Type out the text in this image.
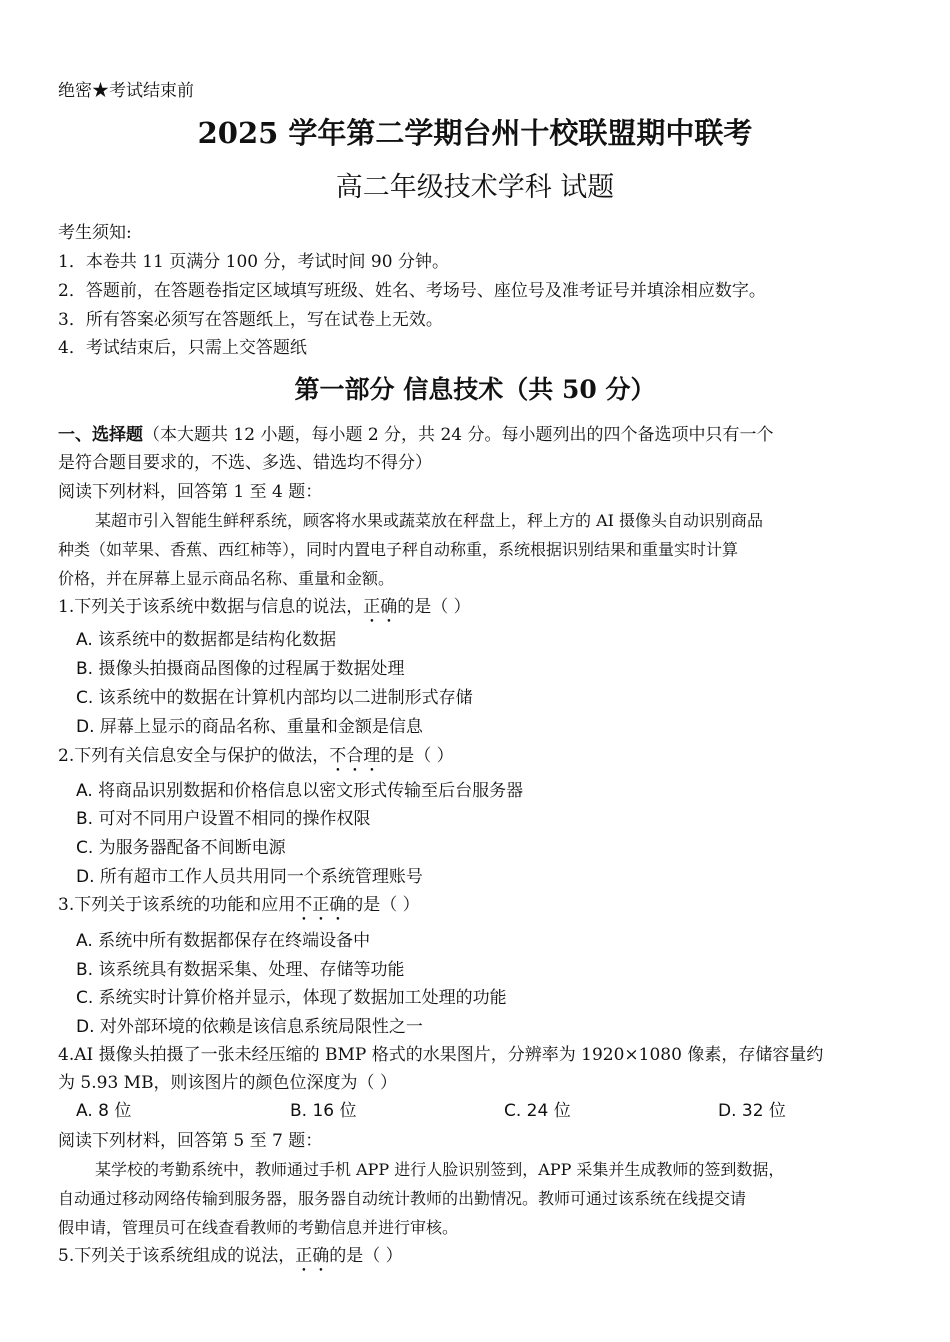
绝密★考试结束前
2025 学年第二学期台州十校联盟期中联考
高二年级技术学科 试题
考生须知:
1．本卷共 11 页满分 100 分，考试时间 90 分钟。
2．答题前，在答题卷指定区域填写班级、姓名、考场号、座位号及准考证号并填涂相应数字。
3．所有答案必须写在答题纸上，写在试卷上无效。
4．考试结束后，只需上交答题纸
第一部分 信息技术（共 50 分）
一、选择题（本大题共 12 小题，每小题 2 分，共 24 分。每小题列出的四个备选项中只有一个
是符合题目要求的，不选、多选、错选均不得分）
阅读下列材料，回答第 1 至 4 题：
某超市引入智能生鲜秤系统，顾客将水果或蔬菜放在秤盘上，秤上方的 AI 摄像头自动识别商品
种类（如苹果、香蕉、西红柿等），同时内置电子秤自动称重，系统根据识别结果和重量实时计算
价格，并在屏幕上显示商品名称、重量和金额。
1.下列关于该系统中数据与信息的说法，正确的是（ ）
A. 该系统中的数据都是结构化数据
B. 摄像头拍摄商品图像的过程属于数据处理
C. 该系统中的数据在计算机内部均以二进制形式存储
D. 屏幕上显示的商品名称、重量和金额是信息
2.下列有关信息安全与保护的做法，不合理的是（ ）
A. 将商品识别数据和价格信息以密文形式传输至后台服务器
B. 可对不同用户设置不相同的操作权限
C. 为服务器配备不间断电源
D. 所有超市工作人员共用同一个系统管理账号
3.下列关于该系统的功能和应用不正确的是（ ）
A. 系统中所有数据都保存在终端设备中
B. 该系统具有数据采集、处理、存储等功能
C. 系统实时计算价格并显示，体现了数据加工处理的功能
D. 对外部环境的依赖是该信息系统局限性之一
4.AI 摄像头拍摄了一张未经压缩的 BMP 格式的水果图片，分辨率为 1920×1080 像素，存储容量约
为 5.93 MB，则该图片的颜色位深度为（ ）
A. 8 位	B. 16 位	C. 24 位	D. 32 位
阅读下列材料，回答第 5 至 7 题：
某学校的考勤系统中，教师通过手机 APP 进行人脸识别签到，APP 采集并生成教师的签到数据，
自动通过移动网络传输到服务器，服务器自动统计教师的出勤情况。教师可通过该系统在线提交请
假申请，管理员可在线查看教师的考勤信息并进行审核。
5.下列关于该系统组成的说法，正确的是（ ）
